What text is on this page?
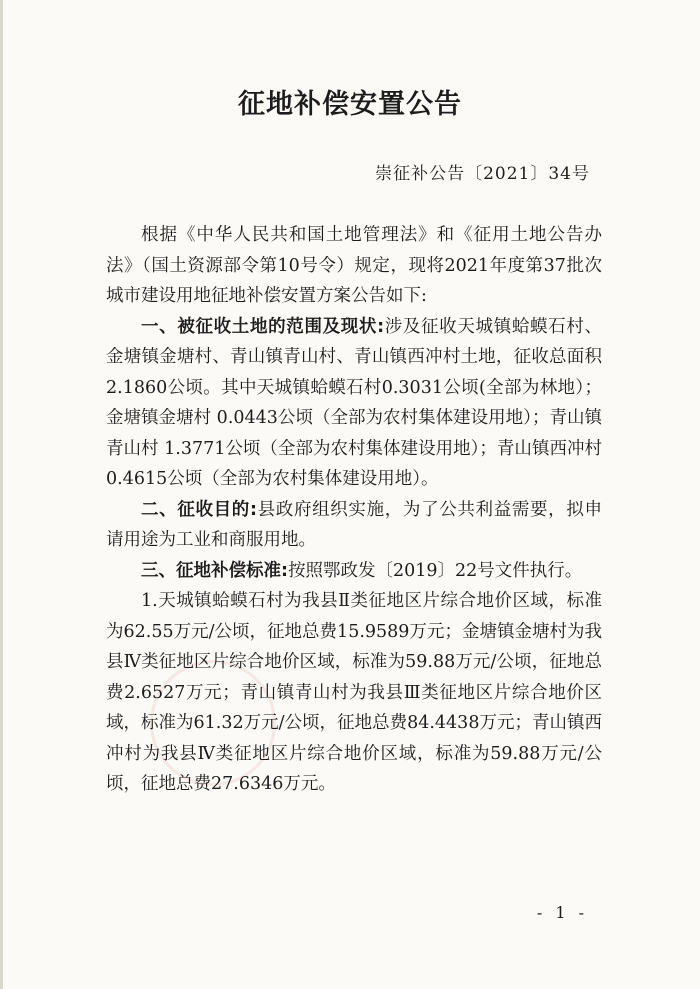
征地补偿安置公告
崇征补公告〔2021〕34号

根据《中华人民共和国土地管理法》和《征用土地公告办法》（国土资源部令第10号令）规定，现将2021年度第37批次城市建设用地征地补偿安置方案公告如下:

一、被征收土地的范围及现状:涉及征收天城镇蛤蟆石村、金塘镇金塘村、青山镇青山村、青山镇西冲村土地，征收总面积2.1860公顷。其中天城镇蛤蟆石村0.3031公顷(全部为林地）；金塘镇金塘村 0.0443公顷（全部为农村集体建设用地）；青山镇青山村 1.3771公顷（全部为农村集体建设用地）；青山镇西冲村 0.4615公顷（全部为农村集体建设用地）。

二、征收目的:县政府组织实施，为了公共利益需要，拟申请用途为工业和商服用地。

三、征地补偿标准:按照鄂政发〔2019〕22号文件执行。

1.天城镇蛤蟆石村为我县Ⅱ类征地区片综合地价区域，标准为62.55万元/公顷，征地总费15.9589万元；金塘镇金塘村为我县Ⅳ类征地区片综合地价区域，标准为59.88万元/公顷，征地总费2.6527万元；青山镇青山村为我县Ⅲ类征地区片综合地价区域，标准为61.32万元/公顷，征地总费84.4438万元；青山镇西冲村为我县Ⅳ类征地区片综合地价区域，标准为59.88万元/公顷，征地总费27.6346万元。

- 1 -
